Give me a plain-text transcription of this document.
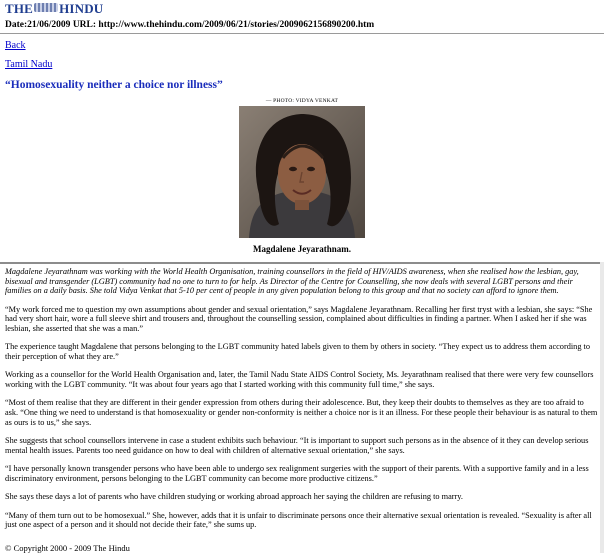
THE HINDU
Date:21/06/2009 URL: http://www.thehindu.com/2009/06/21/stories/2009062156890200.htm
Back
Tamil Nadu
“Homosexuality neither a choice nor illness”
— PHOTO: VIDYA VENKAT
Magdalene Jeyarathnam.

Magdalene Jeyarathnam was working with the World Health Organisation, training counsellors in the field of HIV/AIDS awareness, when she realised how the lesbian, gay, bisexual and transgender (LGBT) community had no one to turn to for help. As Director of the Centre for Counselling, she now deals with several LGBT persons and their families on a daily basis. She told Vidya Venkat that 5-10 per cent of people in any given population belong to this group and that no society can afford to ignore them.

“My work forced me to question my own assumptions about gender and sexual orientation,” says Magdalene Jeyarathnam. Recalling her first tryst with a lesbian, she says: “She had very short hair, wore a full sleeve shirt and trousers and, throughout the counselling session, complained about difficulties in finding a partner. When I asked her if she was lesbian, she asserted that she was a man.”

The experience taught Magdalene that persons belonging to the LGBT community hated labels given to them by others in society. “They expect us to address them according to their perception of what they are.”

Working as a counsellor for the World Health Organisation and, later, the Tamil Nadu State AIDS Control Society, Ms. Jeyarathnam realised that there were very few counsellors working with the LGBT community. “It was about four years ago that I started working with this community full time,” she says.

“Most of them realise that they are different in their gender expression from others during their adolescence. But, they keep their doubts to themselves as they are too afraid to ask. “One thing we need to understand is that homosexuality or gender non-conformity is neither a choice nor is it an illness. For these people their behaviour is as natural to them as ours is to us,” she says.

She suggests that school counsellors intervene in case a student exhibits such behaviour. “It is important to support such persons as in the absence of it they can develop serious mental health issues. Parents too need guidance on how to deal with children of alternative sexual orientation,” she says.

“I have personally known transgender persons who have been able to undergo sex realignment surgeries with the support of their parents. With a supportive family and in a less discriminatory environment, persons belonging to the LGBT community can become more productive citizens.”

She says these days a lot of parents who have children studying or working abroad approach her saying the children are refusing to marry.

“Many of them turn out to be homosexual.” She, however, adds that it is unfair to discriminate persons once their alternative sexual orientation is revealed. “Sexuality is after all just one aspect of a person and it should not decide their fate,” she sums up.

© Copyright 2000 - 2009 The Hindu
